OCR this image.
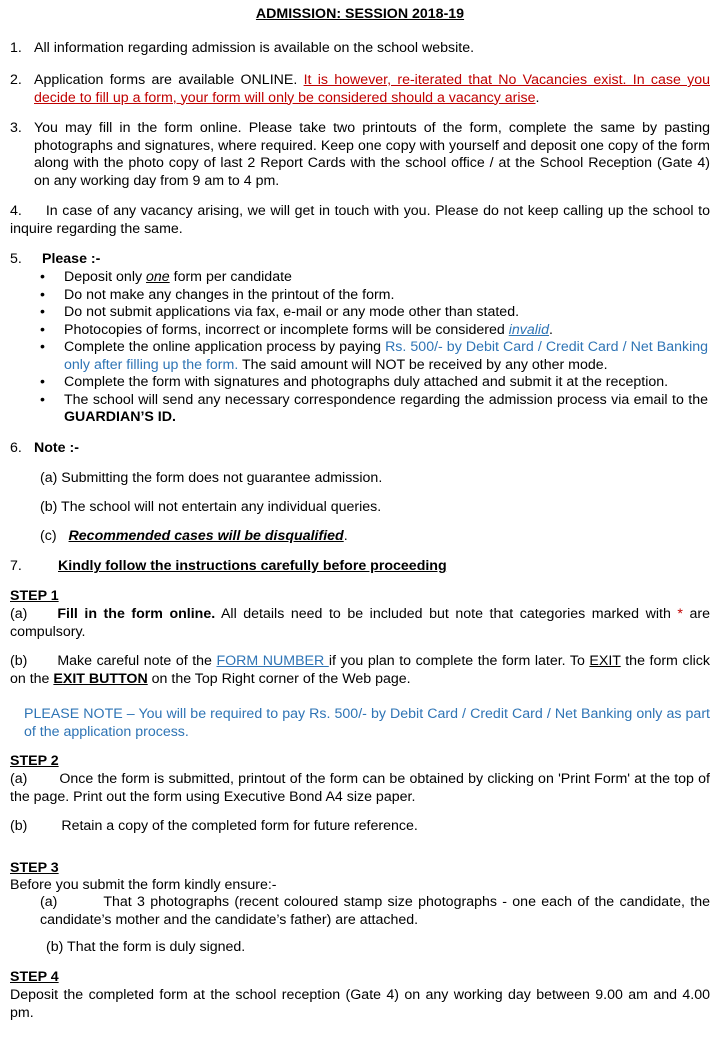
ADMISSION: SESSION 2018-19
1. All information regarding admission is available on the school website.
2. Application forms are available ONLINE. It is however, re-iterated that No Vacancies exist. In case you decide to fill up a form, your form will only be considered should a vacancy arise.
3. You may fill in the form online. Please take two printouts of the form, complete the same by pasting photographs and signatures, where required. Keep one copy with yourself and deposit one copy of the form along with the photo copy of last 2 Report Cards with the school office / at the School Reception (Gate 4) on any working day from 9 am to 4 pm.
4. In case of any vacancy arising, we will get in touch with you. Please do not keep calling up the school to inquire regarding the same.
5. Please :-
• Deposit only one form per candidate
• Do not make any changes in the printout of the form.
• Do not submit applications via fax, e-mail or any mode other than stated.
• Photocopies of forms, incorrect or incomplete forms will be considered invalid.
• Complete the online application process by paying Rs. 500/- by Debit Card / Credit Card / Net Banking only after filling up the form. The said amount will NOT be received by any other mode.
• Complete the form with signatures and photographs duly attached and submit it at the reception.
• The school will send any necessary correspondence regarding the admission process via email to the GUARDIAN’S ID.
6. Note :-
(a) Submitting the form does not guarantee admission.
(b) The school will not entertain any individual queries.
(c) Recommended cases will be disqualified.
7.	Kindly follow the instructions carefully before proceeding
STEP 1
(a) Fill in the form online. All details need to be included but note that categories marked with * are compulsory.
(b) Make careful note of the FORM NUMBER if you plan to complete the form later. To EXIT the form click on the EXIT BUTTON on the Top Right corner of the Web page.
PLEASE NOTE – You will be required to pay Rs. 500/- by Debit Card / Credit Card / Net Banking only as part of the application process.
STEP 2
(a) Once the form is submitted, printout of the form can be obtained by clicking on 'Print Form' at the top of the page. Print out the form using Executive Bond A4 size paper.
(b) Retain a copy of the completed form for future reference.
STEP 3
Before you submit the form kindly ensure:-
(a)	That 3 photographs (recent coloured stamp size photographs - one each of the candidate, the candidate’s mother and the candidate’s father) are attached.
(b) That the form is duly signed.
STEP 4
Deposit the completed form at the school reception (Gate 4) on any working day between 9.00 am and 4.00 pm.
